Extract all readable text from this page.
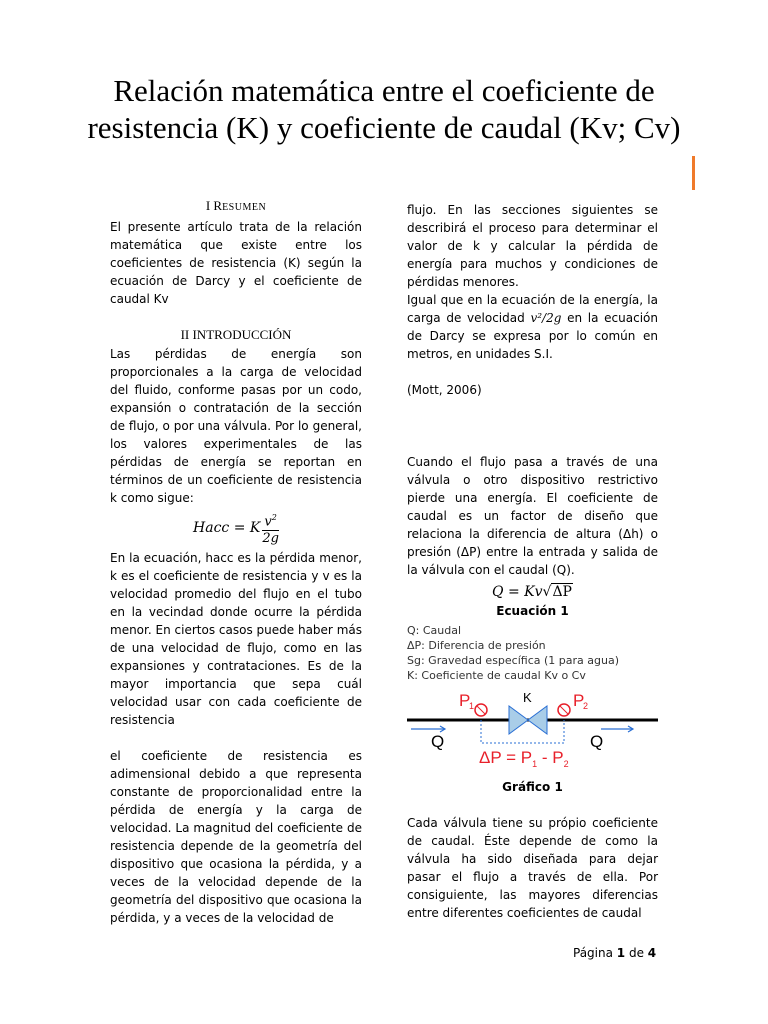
Relación matemática entre el coeficiente de
resistencia (K) y coeficiente de caudal (Kv; Cv)

I RESUMEN

El presente artículo trata de la relación matemática que existe entre los coeficientes de resistencia (K) según la ecuación de Darcy y el coeficiente de caudal Kv

II INTRODUCCIÓN

Las pérdidas de energía son proporcionales a la carga de velocidad del fluido, conforme pasas por un codo, expansión o contratación de la sección de flujo, o por una válvula. Por lo general, los valores experimentales de las pérdidas de energía se reportan en términos de un coeficiente de resistencia k como sigue:

Hacc = K $\frac{v^2}{2g}$

En la ecuación, hacc es la pérdida menor, k es el coeficiente de resistencia y v es la velocidad promedio del flujo en el tubo en la vecindad donde ocurre la pérdida menor. En ciertos casos puede haber más de una velocidad de flujo, como en las expansiones y contrataciones. Es de la mayor importancia que sepa cuál velocidad usar con cada coeficiente de resistencia

el coeficiente de resistencia es adimensional debido a que representa constante de proporcionalidad entre la pérdida de energía y la carga de velocidad. La magnitud del coeficiente de resistencia depende de la geometría del dispositivo que ocasiona la pérdida, y a veces de la velocidad depende de la geometría del dispositivo que ocasiona la pérdida, y a veces de la velocidad de

flujo. En las secciones siguientes se describirá el proceso para determinar el valor de k y calcular la pérdida de energía para muchos y condiciones de pérdidas menores.

Igual que en la ecuación de la energía, la carga de velocidad v²/2g en la ecuación de Darcy se expresa por lo común en metros, en unidades S.I.

(Mott, 2006)

Cuando el flujo pasa a través de una válvula o otro dispositivo restrictivo pierde una energía. El coeficiente de caudal es un factor de diseño que relaciona la diferencia de altura (Δh) o presión (ΔP) entre la entrada y salida de la válvula con el caudal (Q).

Q = Kv√ΔP

Ecuación 1

Q: Caudal
ΔP: Diferencia de presión
Sg: Gravedad específica (1 para agua)
K: Coeficiente de caudal Kv o Cv
P
1	P
2
K
Q	Q
$\Delta P = P_1 - P_2$

Gráfico 1

Cada válvula tiene su própio coeficiente de caudal. Éste depende de como la válvula ha sido diseñada para dejar pasar el flujo a través de ella. Por consiguiente, las mayores diferencias entre diferentes coeficientes de caudal

Página 1 de 4
